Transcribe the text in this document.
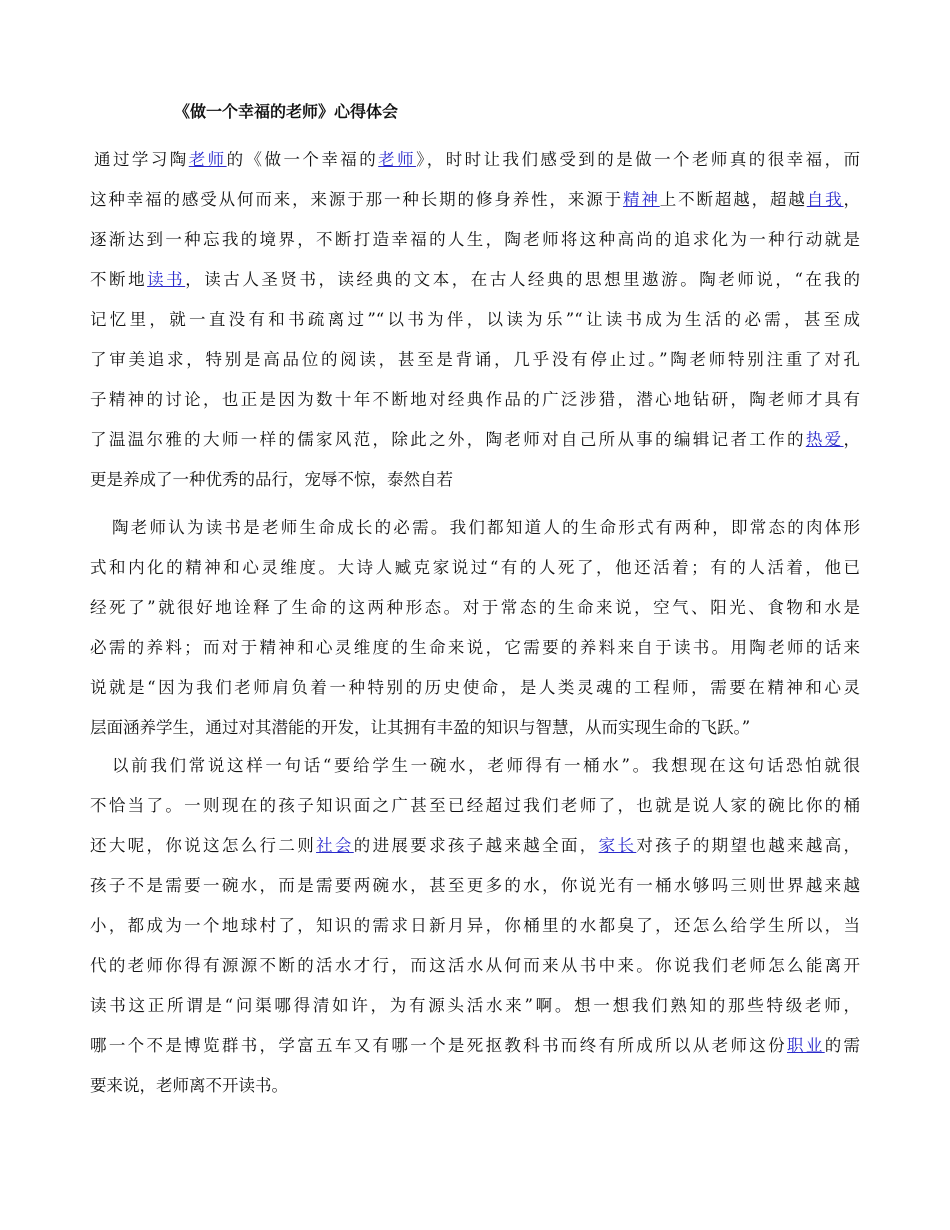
《做一个幸福的老师》心得体会
通过学习陶老师的《做一个幸福的老师》，时时让我们感受到的是做一个老师真的很幸福，而
这种幸福的感受从何而来，来源于那一种长期的修身养性，来源于精神上不断超越，超越自我，
逐渐达到一种忘我的境界，不断打造幸福的人生，陶老师将这种高尚的追求化为一种行动就是
不断地读书，读古人圣贤书，读经典的文本，在古人经典的思想里遨游。陶老师说，“在我的
记忆里，就一直没有和书疏离过”“以书为伴，以读为乐”“让读书成为生活的必需，甚至成
了审美追求，特别是高品位的阅读，甚至是背诵，几乎没有停止过。”陶老师特别注重了对孔
子精神的讨论，也正是因为数十年不断地对经典作品的广泛涉猎，潜心地钻研，陶老师才具有
了温温尔雅的大师一样的儒家风范，除此之外，陶老师对自己所从事的编辑记者工作的热爱，
更是养成了一种优秀的品行，宠辱不惊，泰然自若
陶老师认为读书是老师生命成长的必需。我们都知道人的生命形式有两种，即常态的肉体形
式和内化的精神和心灵维度。大诗人臧克家说过“有的人死了，他还活着；有的人活着，他已
经死了”就很好地诠释了生命的这两种形态。对于常态的生命来说，空气、阳光、食物和水是
必需的养料；而对于精神和心灵维度的生命来说，它需要的养料来自于读书。用陶老师的话来
说就是“因为我们老师肩负着一种特别的历史使命，是人类灵魂的工程师，需要在精神和心灵
层面涵养学生，通过对其潜能的开发，让其拥有丰盈的知识与智慧，从而实现生命的飞跃。”
以前我们常说这样一句话“要给学生一碗水，老师得有一桶水”。我想现在这句话恐怕就很
不恰当了。一则现在的孩子知识面之广甚至已经超过我们老师了，也就是说人家的碗比你的桶
还大呢，你说这怎么行二则社会的进展要求孩子越来越全面，家长对孩子的期望也越来越高，
孩子不是需要一碗水，而是需要两碗水，甚至更多的水，你说光有一桶水够吗三则世界越来越
小，都成为一个地球村了，知识的需求日新月异，你桶里的水都臭了，还怎么给学生所以，当
代的老师你得有源源不断的活水才行，而这活水从何而来从书中来。你说我们老师怎么能离开
读书这正所谓是“问渠哪得清如许，为有源头活水来”啊。想一想我们熟知的那些特级老师，
哪一个不是博览群书，学富五车又有哪一个是死抠教科书而终有所成所以从老师这份职业的需
要来说，老师离不开读书。
